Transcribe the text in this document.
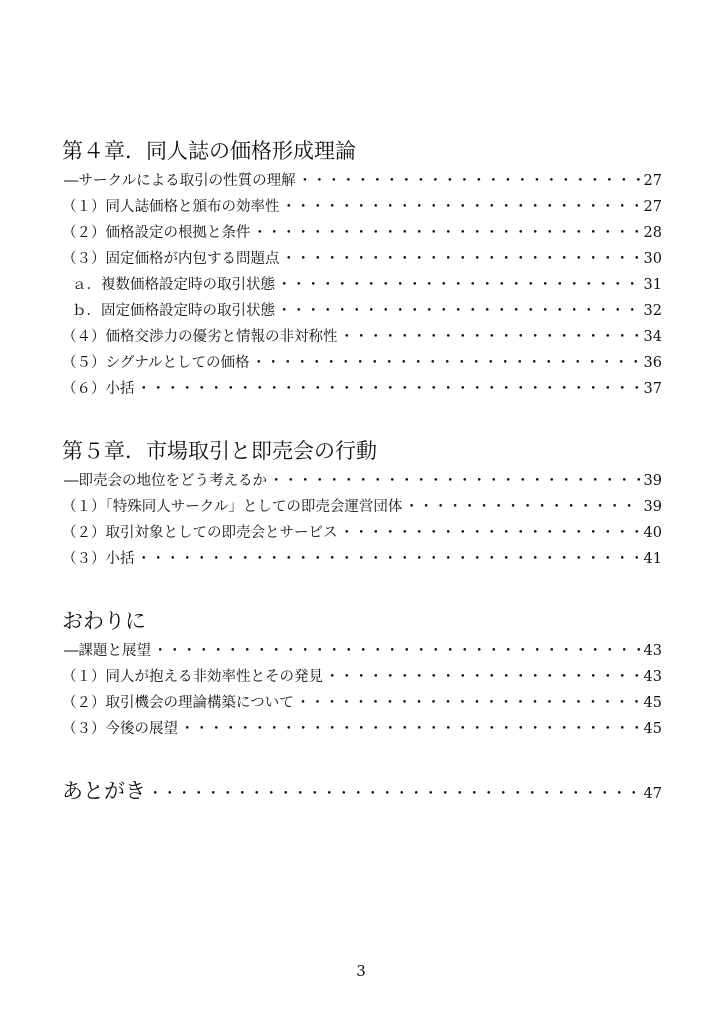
第４章．同人誌の価格形成理論
―サークルによる取引の性質の理解 ・・・・・・・・・・・・・・・・・・・・・・・・・・・・・・・・・・・・・・・・・・・・・・・・・・・・・・・・・・・・・・	27
（１）同人誌価格と頒布の効率性 ・・・・・・・・・・・・・・・・・・・・・・・・・・・・・・・・・・・・・・・・・・・・・・・・・・・・・・・・・・・・・・	27
（２）価格設定の根拠と条件 ・・・・・・・・・・・・・・・・・・・・・・・・・・・・・・・・・・・・・・・・・・・・・・・・・・・・・・・・・・・・・・	28
（３）固定価格が内包する問題点 ・・・・・・・・・・・・・・・・・・・・・・・・・・・・・・・・・・・・・・・・・・・・・・・・・・・・・・・・・・・・・・	30
ａ．複数価格設定時の取引状態 ・・・・・・・・・・・・・・・・・・・・・・・・・・・・・・・・・・・・・・・・・・・・・・・・・・・・・・・・・・・・・・	31
ｂ．固定価格設定時の取引状態 ・・・・・・・・・・・・・・・・・・・・・・・・・・・・・・・・・・・・・・・・・・・・・・・・・・・・・・・・・・・・・・	32
（４）価格交渉力の優劣と情報の非対称性 ・・・・・・・・・・・・・・・・・・・・・・・・・・・・・・・・・・・・・・・・・・・・・・・・・・・・・・・・・・・・・・	34
（５）シグナルとしての価格 ・・・・・・・・・・・・・・・・・・・・・・・・・・・・・・・・・・・・・・・・・・・・・・・・・・・・・・・・・・・・・・	36
（６）小括 ・・・・・・・・・・・・・・・・・・・・・・・・・・・・・・・・・・・・・・・・・・・・・・・・・・・・・・・・・・・・・・	37
第５章．市場取引と即売会の行動
―即売会の地位をどう考えるか ・・・・・・・・・・・・・・・・・・・・・・・・・・・・・・・・・・・・・・・・・・・・・・・・・・・・・・・・・・・・・・	39
（１）「特殊同人サークル」としての即売会運営団体 ・・・・・・・・・・・・・・・・・・・・・・・・・・・・・・・・・・・・・・・・・・・・・・・・・・・・・・・・・・・・・・	39
（２）取引対象としての即売会とサービス ・・・・・・・・・・・・・・・・・・・・・・・・・・・・・・・・・・・・・・・・・・・・・・・・・・・・・・・・・・・・・・	40
（３）小括 ・・・・・・・・・・・・・・・・・・・・・・・・・・・・・・・・・・・・・・・・・・・・・・・・・・・・・・・・・・・・・・	41
おわりに
―課題と展望 ・・・・・・・・・・・・・・・・・・・・・・・・・・・・・・・・・・・・・・・・・・・・・・・・・・・・・・・・・・・・・・	43
（１）同人が抱える非効率性とその発見 ・・・・・・・・・・・・・・・・・・・・・・・・・・・・・・・・・・・・・・・・・・・・・・・・・・・・・・・・・・・・・・	43
（２）取引機会の理論構築について ・・・・・・・・・・・・・・・・・・・・・・・・・・・・・・・・・・・・・・・・・・・・・・・・・・・・・・・・・・・・・・	45
（３）今後の展望 ・・・・・・・・・・・・・・・・・・・・・・・・・・・・・・・・・・・・・・・・・・・・・・・・・・・・・・・・・・・・・・	45
あとがき ・・・・・・・・・・・・・・・・・・・・・・・・・・・・・・・・・・・・・・・・・・・・・・・・・・・・・・・・・・・・・・	47
3
